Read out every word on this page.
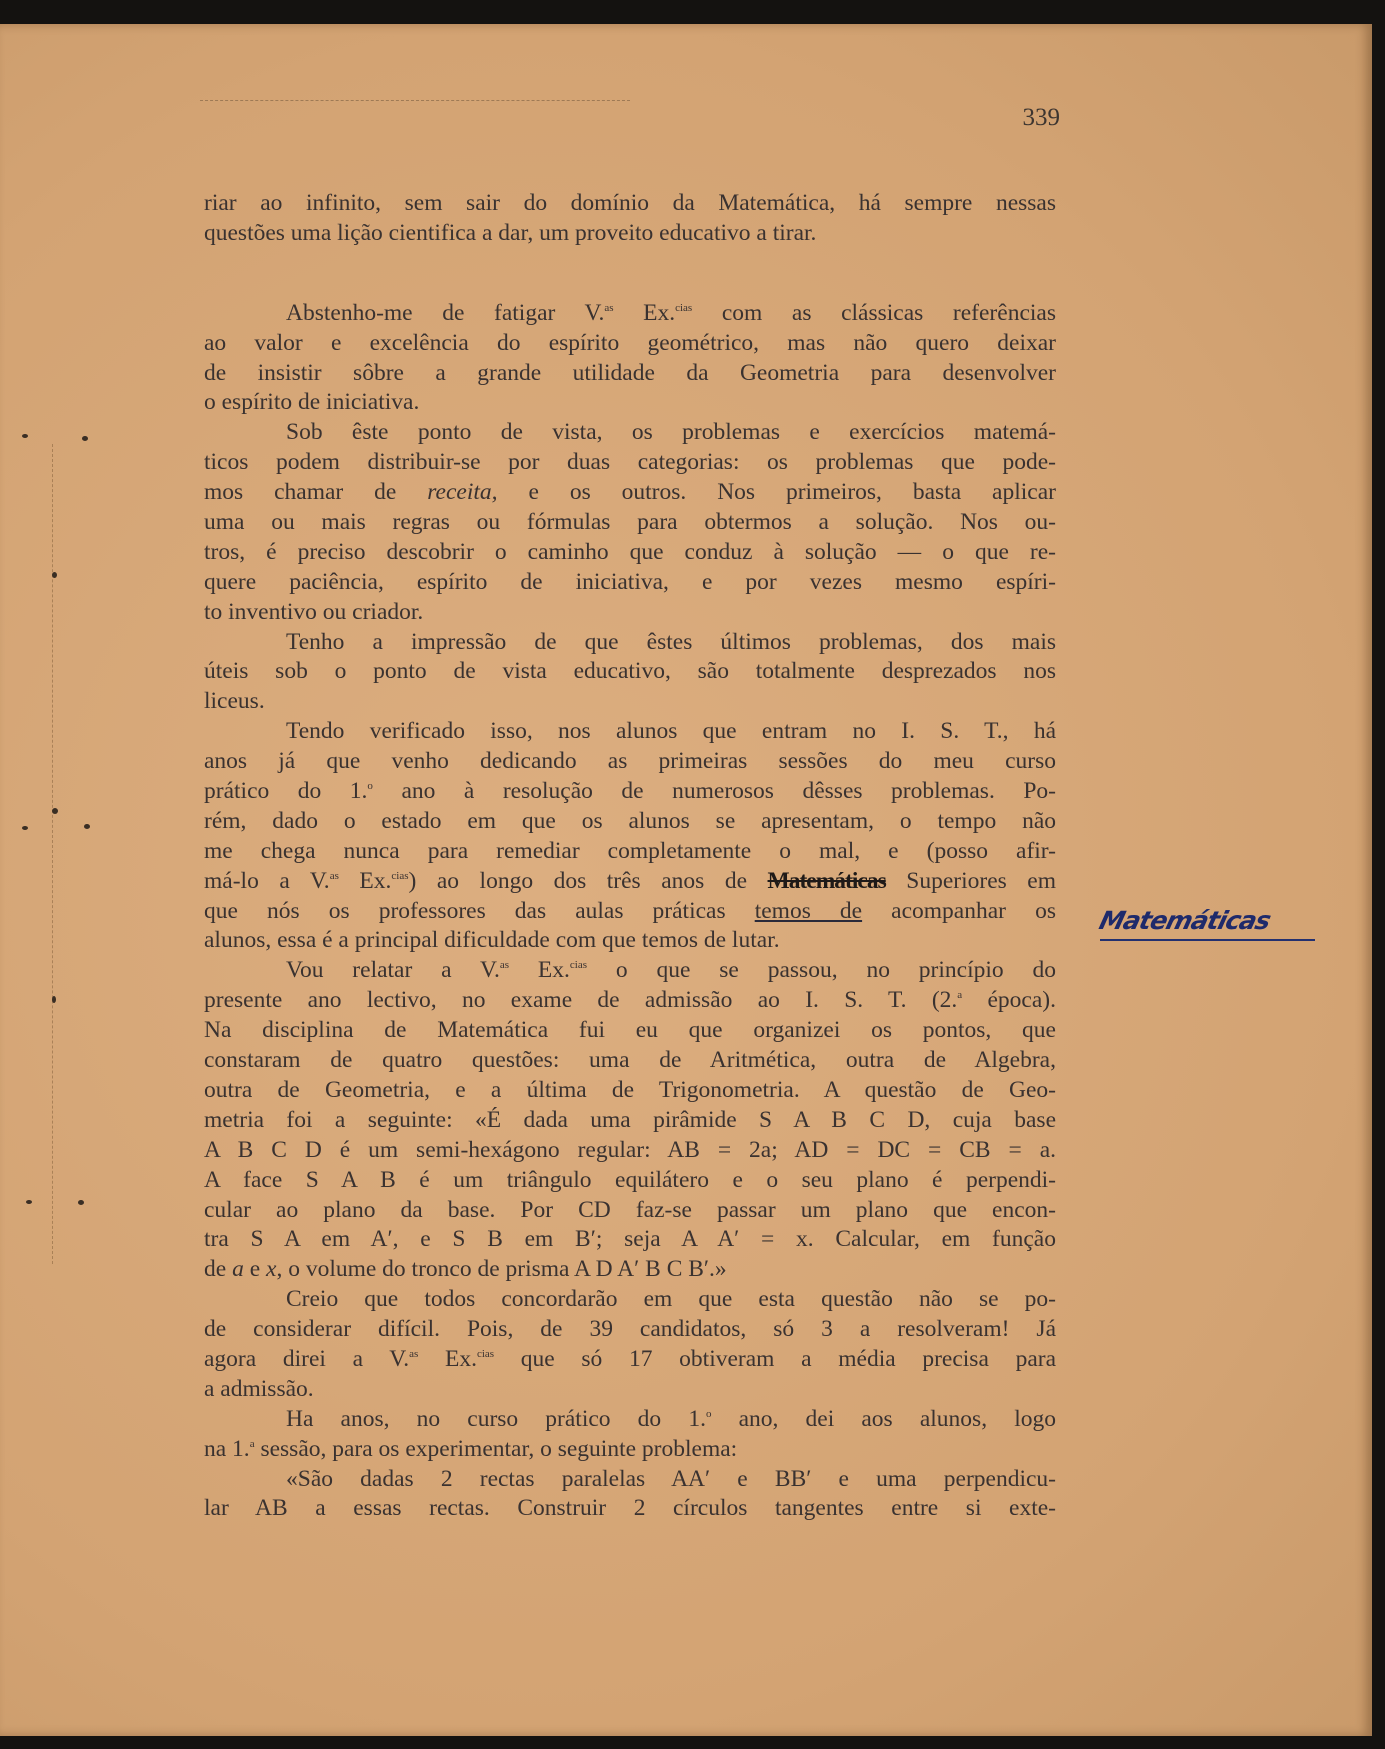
339
riar ao infinito, sem sair do domínio da Matemática, há sempre nessas
questões uma lição cientifica a dar, um proveito educativo a tirar.
Abstenho-me de fatigar V.$^{as}$ Ex.$^{cias}$ com as clássicas referências
ao valor e excelência do espírito geométrico, mas não quero deixar
de insistir sôbre a grande utilidade da Geometria para desenvolver
o espírito de iniciativa.
Sob êste ponto de vista, os problemas e exercícios matemá-
ticos podem distribuir-se por duas categorias: os problemas que pode-
mos chamar de receita, e os outros. Nos primeiros, basta aplicar
uma ou mais regras ou fórmulas para obtermos a solução. Nos ou-
tros, é preciso descobrir o caminho que conduz à solução — o que re-
quere paciência, espírito de iniciativa, e por vezes mesmo espíri-
to inventivo ou criador.
Tenho a impressão de que êstes últimos problemas, dos mais
úteis sob o ponto de vista educativo, são totalmente desprezados nos
liceus.
Tendo verificado isso, nos alunos que entram no I. S. T., há
anos já que venho dedicando as primeiras sessões do meu curso
prático do 1.$^o$ ano à resolução de numerosos dêsses problemas. Po-
rém, dado o estado em que os alunos se apresentam, o tempo não
me chega nunca para remediar completamente o mal, e (posso afir-
má-lo a V.$^{as}$ Ex.$^{cias}$) ao longo dos três anos de Matemáticas Superiores em
que nós os professores das aulas práticas temos de acompanhar os
alunos, essa é a principal dificuldade com que temos de lutar.
Vou relatar a V.$^{as}$ Ex.$^{cias}$ o que se passou, no princípio do
presente ano lectivo, no exame de admissão ao I. S. T. (2.$^a$ época).
Na disciplina de Matemática fui eu que organizei os pontos, que
constaram de quatro questões: uma de Aritmética, outra de Algebra,
outra de Geometria, e a última de Trigonometria. A questão de Geo-
metria foi a seguinte: «É dada uma pirâmide S A B C D, cuja base
A B C D é um semi-hexágono regular: AB = 2a; AD = DC = CB = a.
A face S A B é um triângulo equilátero e o seu plano é perpendi-
cular ao plano da base. Por CD faz-se passar um plano que encon-
tra S A em A′, e S B em B′; seja A A′ = x. Calcular, em função
de a e x, o volume do tronco de prisma A D A′ B C B′.»
Creio que todos concordarão em que esta questão não se po-
de considerar difícil. Pois, de 39 candidatos, só 3 a resolveram! Já
agora direi a V.$^{as}$ Ex.$^{cias}$ que só 17 obtiveram a média precisa para
a admissão.
Ha anos, no curso prático do 1.$^o$ ano, dei aos alunos, logo
na 1.$^a$ sessão, para os experimentar, o seguinte problema:
«São dadas 2 rectas paralelas AA′ e BB′ e uma perpendicu-
lar AB a essas rectas. Construir 2 círculos tangentes entre si exte-
Matemáticas
